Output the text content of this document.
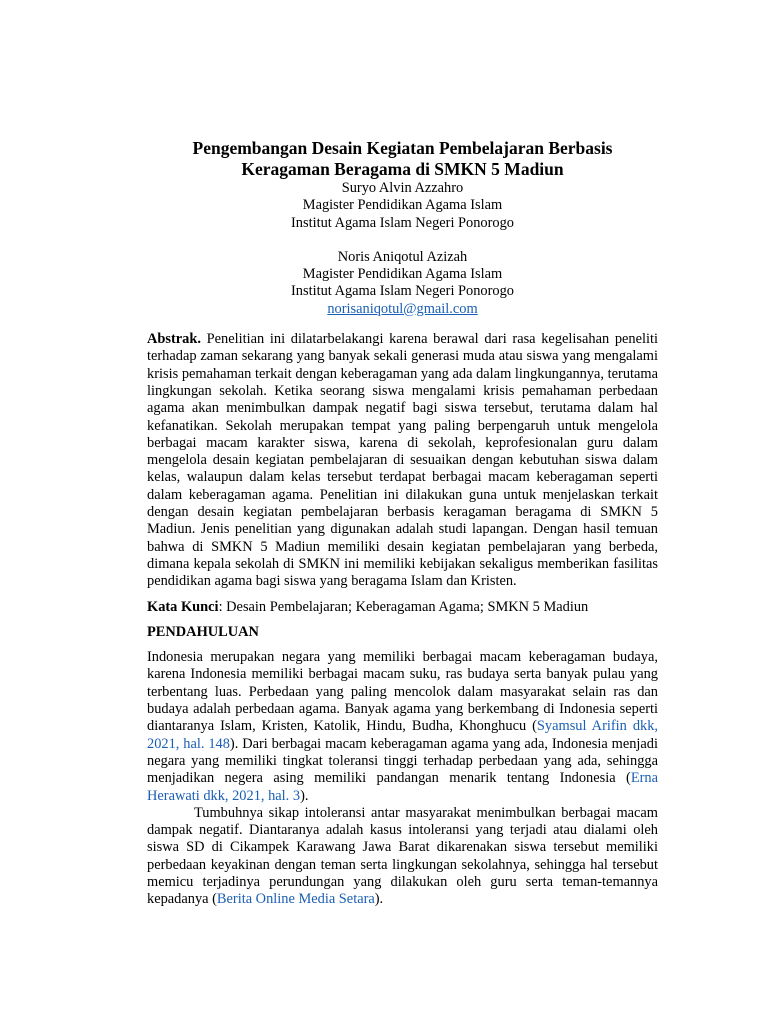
Pengembangan Desain Kegiatan Pembelajaran Berbasis
Keragaman Beragama di SMKN 5 Madiun
Suryo Alvin Azzahro
Magister Pendidikan Agama Islam
Institut Agama Islam Negeri Ponorogo
Noris Aniqotul Azizah
Magister Pendidikan Agama Islam
Institut Agama Islam Negeri Ponorogo
norisaniqotul@gmail.com

Abstrak. Penelitian ini dilatarbelakangi karena berawal dari rasa kegelisahan peneliti terhadap zaman sekarang yang banyak sekali generasi muda atau siswa yang mengalami krisis pemahaman terkait dengan keberagaman yang ada dalam lingkungannya, terutama lingkungan sekolah. Ketika seorang siswa mengalami krisis pemahaman perbedaan agama akan menimbulkan dampak negatif bagi siswa tersebut, terutama dalam hal kefanatikan. Sekolah merupakan tempat yang paling berpengaruh untuk mengelola berbagai macam karakter siswa, karena di sekolah, keprofesionalan guru dalam mengelola desain kegiatan pembelajaran di sesuaikan dengan kebutuhan siswa dalam kelas, walaupun dalam kelas tersebut terdapat berbagai macam keberagaman seperti dalam keberagaman agama. Penelitian ini dilakukan guna untuk menjelaskan terkait dengan desain kegiatan pembelajaran berbasis keragaman beragama di SMKN 5 Madiun. Jenis penelitian yang digunakan adalah studi lapangan. Dengan hasil temuan bahwa di SMKN 5 Madiun memiliki desain kegiatan pembelajaran yang berbeda, dimana kepala sekolah di SMKN ini memiliki kebijakan sekaligus memberikan fasilitas pendidikan agama bagi siswa yang beragama Islam dan Kristen.

Kata Kunci: Desain Pembelajaran; Keberagaman Agama; SMKN 5 Madiun

PENDAHULUAN

Indonesia merupakan negara yang memiliki berbagai macam keberagaman budaya, karena Indonesia memiliki berbagai macam suku, ras budaya serta banyak pulau yang terbentang luas. Perbedaan yang paling mencolok dalam masyarakat selain ras dan budaya adalah perbedaan agama. Banyak agama yang berkembang di Indonesia seperti diantaranya Islam, Kristen, Katolik, Hindu, Budha, Khonghucu (Syamsul Arifin dkk, 2021, hal. 148). Dari berbagai macam keberagaman agama yang ada, Indonesia menjadi negara yang memiliki tingkat toleransi tinggi terhadap perbedaan yang ada, sehingga menjadikan negera asing memiliki pandangan menarik tentang Indonesia (Erna Herawati dkk, 2021, hal. 3).

Tumbuhnya sikap intoleransi antar masyarakat menimbulkan berbagai macam dampak negatif. Diantaranya adalah kasus intoleransi yang terjadi atau dialami oleh siswa SD di Cikampek Karawang Jawa Barat dikarenakan siswa tersebut memiliki perbedaan keyakinan dengan teman serta lingkungan sekolahnya, sehingga hal tersebut memicu terjadinya perundungan yang dilakukan oleh guru serta teman-temannya kepadanya (Berita Online Media Setara).
